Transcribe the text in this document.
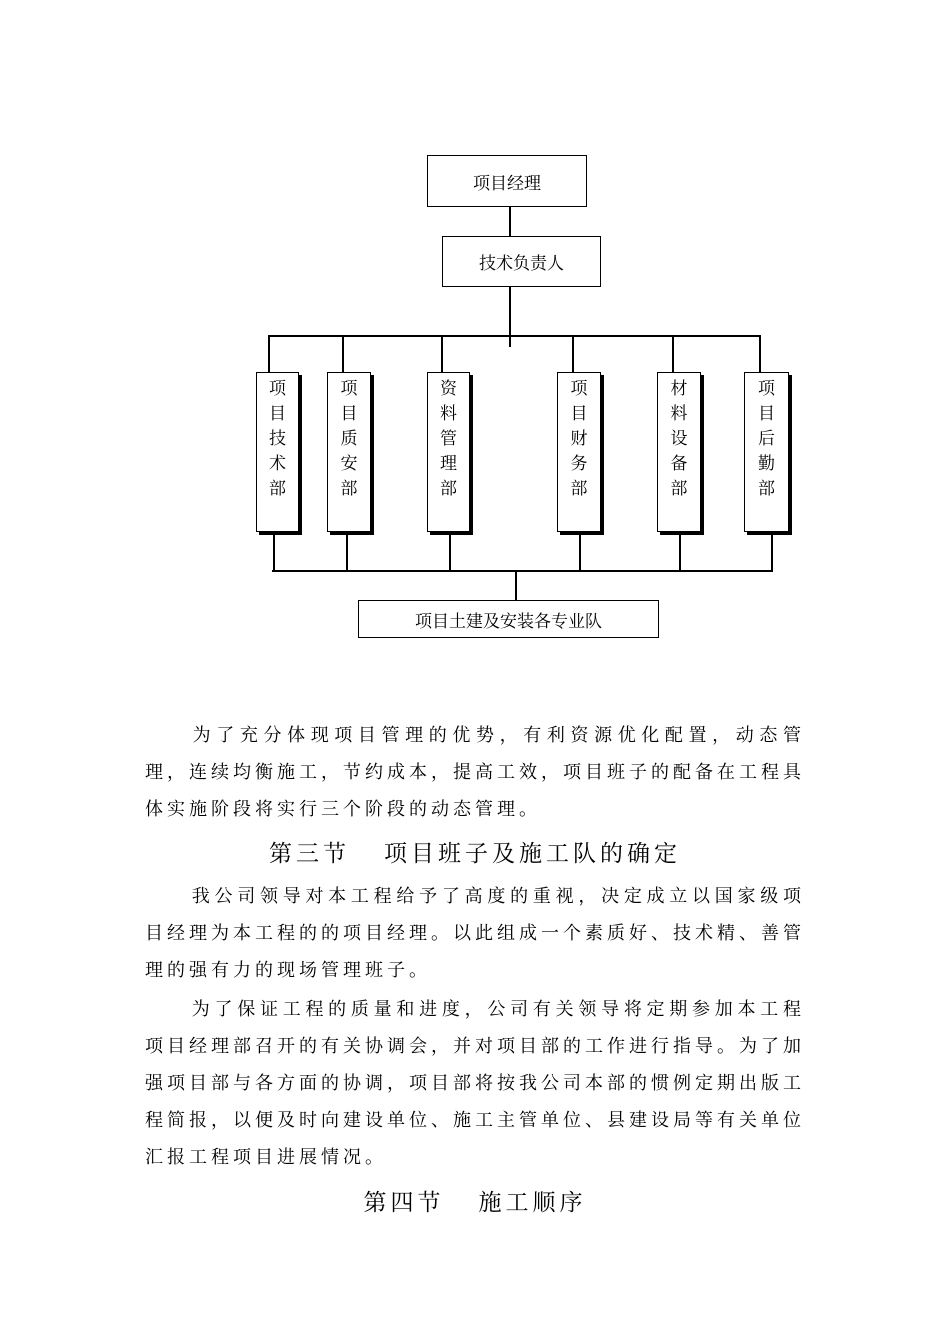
项目经理
技术负责人
项
目
技
术
部
项
目
质
安
部
资
料
管
理
部
项
目
财
务
部
材
料
设
备
部
项
目
后
勤
部
项目土建及安装各专业队

为了充分体现项目管理的优势，有利资源优化配置，动态管理，连续均衡施工，节约成本，提高工效，项目班子的配备在工程具体实施阶段将实行三个阶段的动态管理。

第三节 项目班子及施工队的确定

我公司领导对本工程给予了高度的重视，决定成立以国家级项目经理为本工程的的项目经理。以此组成一个素质好、技术精、善管理的强有力的现场管理班子。

为了保证工程的质量和进度，公司有关领导将定期参加本工程项目经理部召开的有关协调会，并对项目部的工作进行指导。为了加强项目部与各方面的协调，项目部将按我公司本部的惯例定期出版工程简报，以便及时向建设单位、施工主管单位、县建设局等有关单位汇报工程项目进展情况。

第四节 施工顺序
